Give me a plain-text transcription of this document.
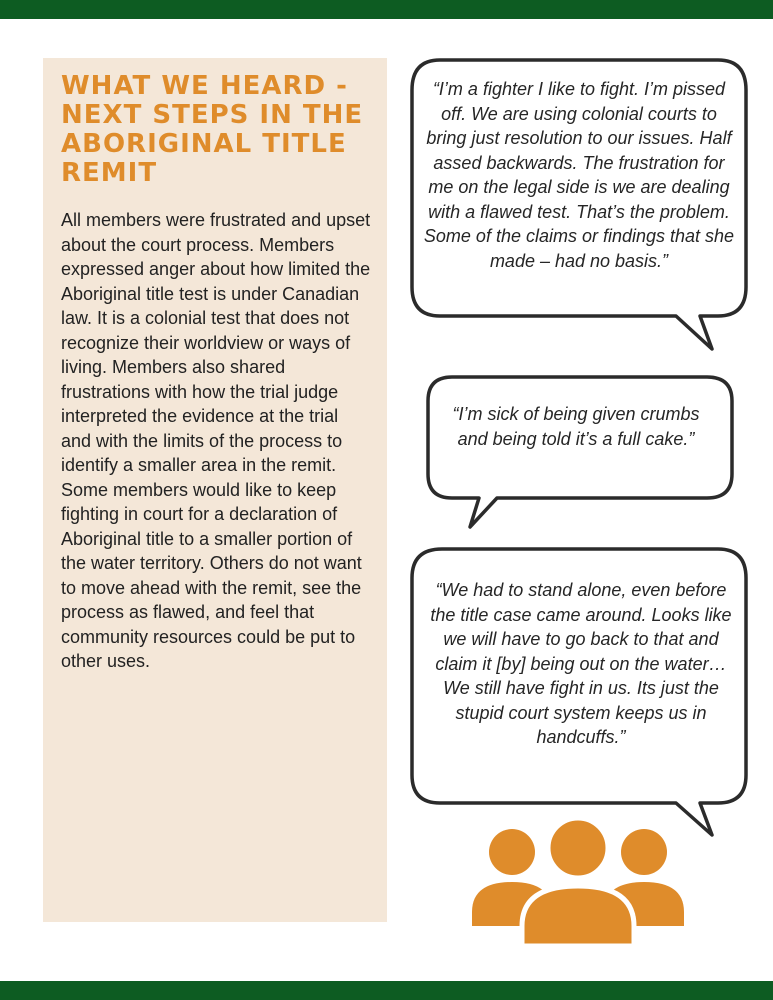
WHAT WE HEARD - NEXT STEPS IN THE ABORIGINAL TITLE REMIT

All members were frustrated and upset about the court process. Members expressed anger about how limited the Aboriginal title test is under Canadian law. It is a colonial test that does not recognize their worldview or ways of living. Members also shared frustrations with how the trial judge interpreted the evidence at the trial and with the limits of the process to identify a smaller area in the remit. Some members would like to keep fighting in court for a declaration of Aboriginal title to a smaller portion of the water territory. Others do not want to move ahead with the remit, see the process as flawed, and feel that community resources could be put to other uses.

“I’m a fighter I like to fight. I’m pissed off. We are using colonial courts to bring just resolution to our issues. Half assed backwards. The frustration for me on the legal side is we are dealing with a flawed test. That’s the problem. Some of the claims or findings that she made – had no basis.”

“I’m sick of being given crumbs and being told it’s a full cake.”

“We had to stand alone, even before the title case came around. Looks like we will have to go back to that and claim it [by] being out on the water…We still have fight in us. Its just the stupid court system keeps us in handcuffs.”
